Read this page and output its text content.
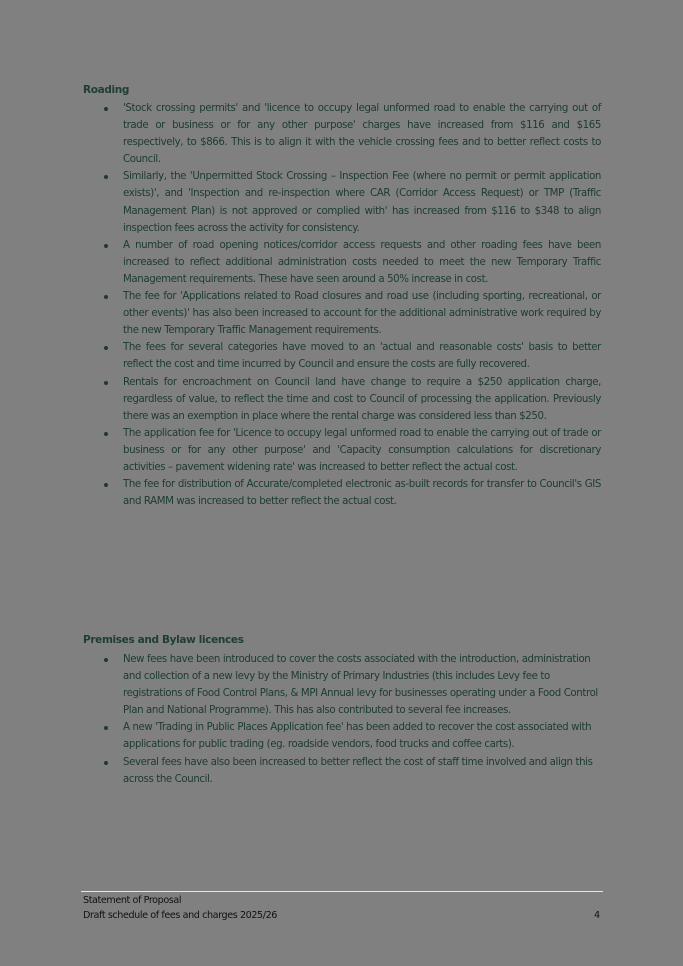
Roading
'Stock crossing permits' and 'licence to occupy legal unformed road to enable the carrying out of trade or business or for any other purpose' charges have increased from $116 and $165 respectively, to $866. This is to align it with the vehicle crossing fees and to better reflect costs to Council.
Similarly, the 'Unpermitted Stock Crossing – Inspection Fee (where no permit or permit application exists)', and 'Inspection and re-inspection where CAR (Corridor Access Request) or TMP (Traffic Management Plan) is not approved or complied with' has increased from $116 to $348 to align inspection fees across the activity for consistency.
A number of road opening notices/corridor access requests and other roading fees have been increased to reflect additional administration costs needed to meet the new Temporary Traffic Management requirements. These have seen around a 50% increase in cost.
The fee for 'Applications related to Road closures and road use (including sporting, recreational, or other events)' has also been increased to account for the additional administrative work required by the new Temporary Traffic Management requirements.
The fees for several categories have moved to an 'actual and reasonable costs' basis to better reflect the cost and time incurred by Council and ensure the costs are fully recovered.
Rentals for encroachment on Council land have change to require a $250 application charge, regardless of value, to reflect the time and cost to Council of processing the application. Previously there was an exemption in place where the rental charge was considered less than $250.
The application fee for 'Licence to occupy legal unformed road to enable the carrying out of trade or business or for any other purpose' and 'Capacity consumption calculations for discretionary activities – pavement widening rate' was increased to better reflect the actual cost.
The fee for distribution of Accurate/completed electronic as-built records for transfer to Council's GIS and RAMM was increased to better reflect the actual cost.
Premises and Bylaw licences
New fees have been introduced to cover the costs associated with the introduction, administration and collection of a new levy by the Ministry of Primary Industries (this includes Levy fee to registrations of Food Control Plans, & MPI Annual levy for businesses operating under a Food Control Plan and National Programme). This has also contributed to several fee increases.
A new 'Trading in Public Places Application fee' has been added to recover the cost associated with applications for public trading (eg. roadside vendors, food trucks and coffee carts).
Several fees have also been increased to better reflect the cost of staff time involved and align this across the Council.
Statement of Proposal
Draft schedule of fees and charges 2025/26	4
